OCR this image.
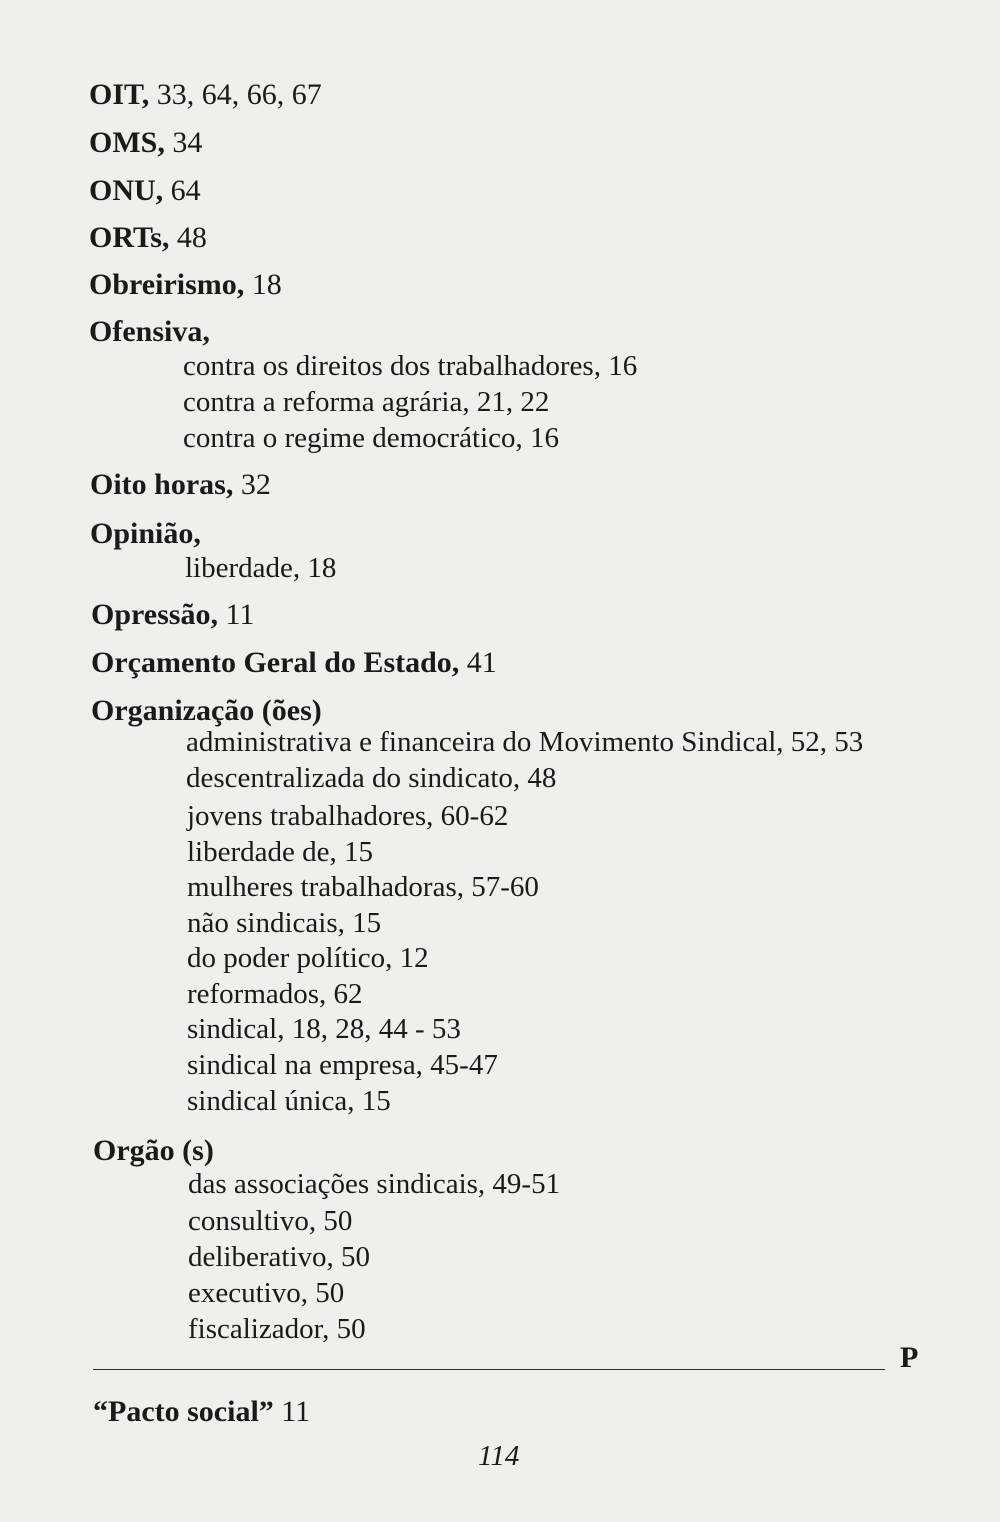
OIT, 33, 64, 66, 67
OMS, 34
ONU, 64
ORTs, 48
Obreirismo, 18
Ofensiva,
contra os direitos dos trabalhadores, 16
contra a reforma agrária, 21, 22
contra o regime democrático, 16
Oito horas, 32
Opinião,
liberdade, 18
Opressão, 11
Orçamento Geral do Estado, 41
Organização (ões)
administrativa e financeira do Movimento Sindical, 52, 53
descentralizada do sindicato, 48
jovens trabalhadores, 60-62
liberdade de, 15
mulheres trabalhadoras, 57-60
não sindicais, 15
do poder político, 12
reformados, 62
sindical, 18, 28, 44 - 53
sindical na empresa, 45-47
sindical única, 15
Orgão (s)
das associações sindicais, 49-51
consultivo, 50
deliberativo, 50
executivo, 50
fiscalizador, 50
P
“Pacto social” 11
114
